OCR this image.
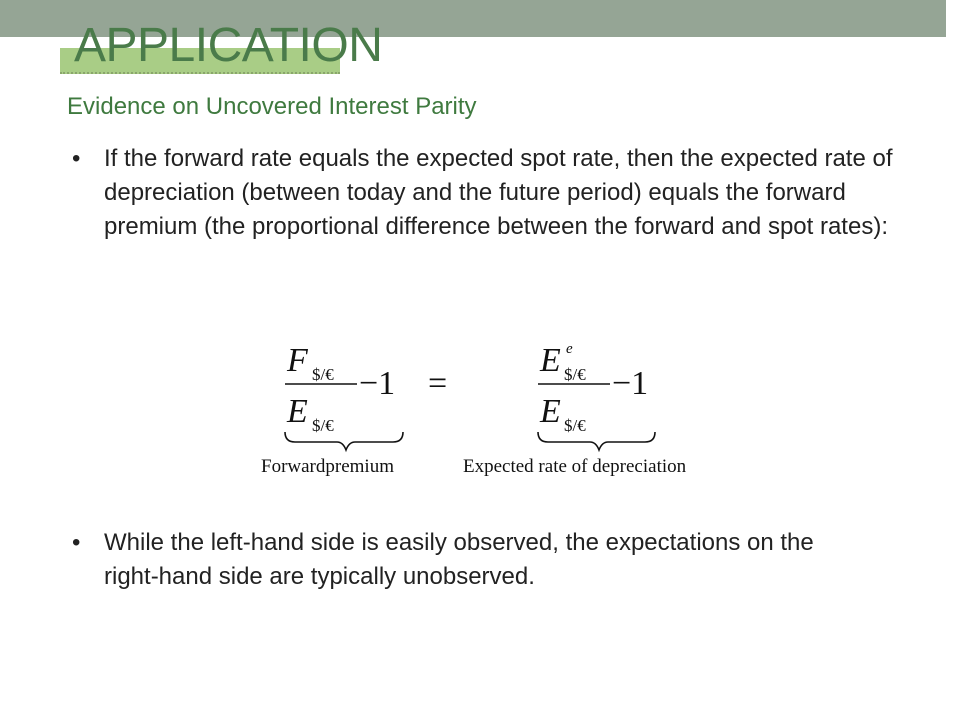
APPLICATION
Evidence on Uncovered Interest Parity

• If the forward rate equals the expected spot rate, then the expected rate of depreciation (between today and the future period) equals the forward premium (the proportional difference between the forward and spot rates):

F $/€
E $/€
−1 =
E e
$/€
E $/€
−1
Forwardpremium	Expected rate of depreciation

• While the left-hand side is easily observed, the expectations on the right-hand side are typically unobserved.
